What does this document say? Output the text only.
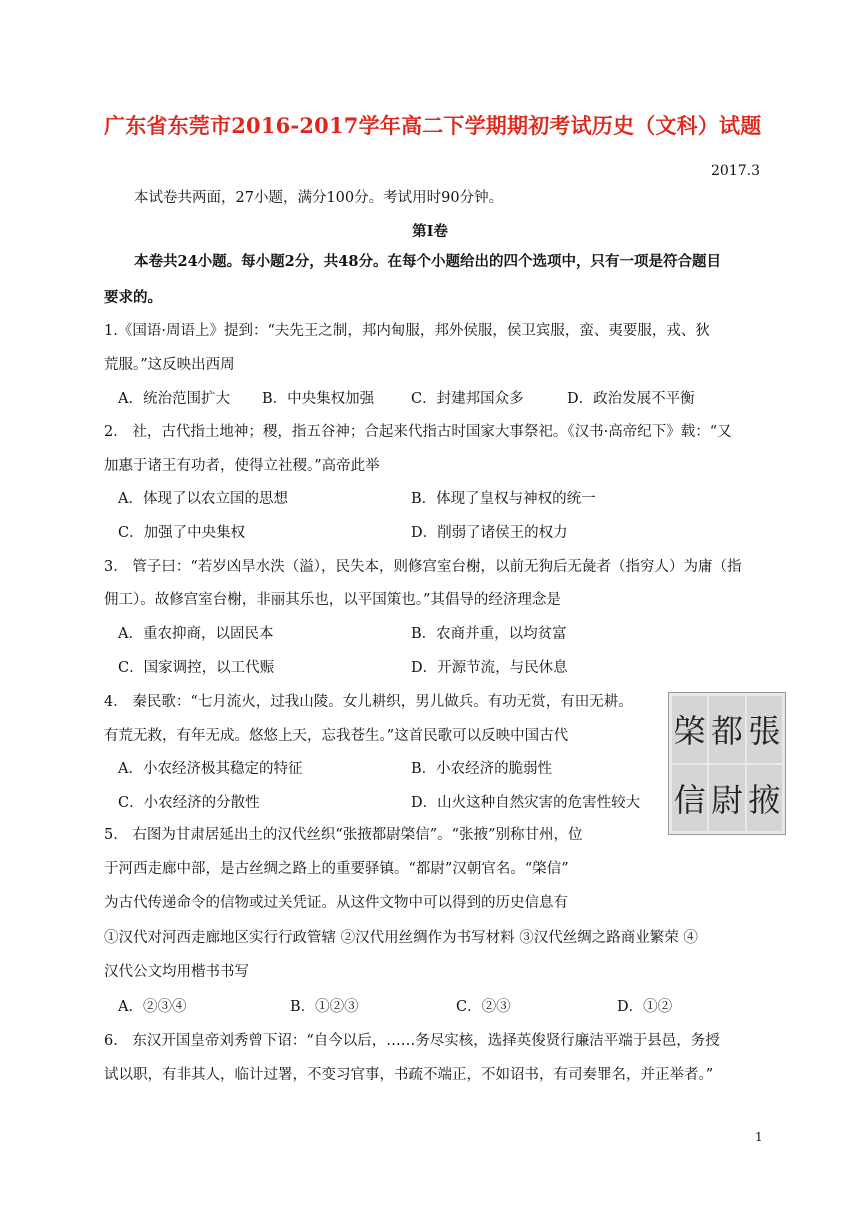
广东省东莞市2016-2017学年高二下学期期初考试历史（文科）试题
2017.3
本试卷共两面，27小题，满分100分。考试用时90分钟。
第Ⅰ卷
本卷共24小题。每小题2分，共48分。在每个小题给出的四个选项中，只有一项是符合题目
要求的。
1.《国语·周语上》提到：“夫先王之制，邦内甸服，邦外侯服，侯卫宾服，蛮、夷要服，戎、狄
荒服。”这反映出西周
A．统治范围扩大 B．中央集权加强	C．封建邦国众多	D．政治发展不平衡
2． 社，古代指土地神；稷，指五谷神；合起来代指古时国家大事祭祀。《汉书·高帝纪下》载：“又
加惠于诸王有功者，使得立社稷。”高帝此举
A．体现了以农立国的思想	B．体现了皇权与神权的统一
C．加强了中央集权	D．削弱了诸侯王的权力
3． 管子曰：“若岁凶旱水泆（溢），民失本，则修宫室台榭，以前无狗后无彘者（指穷人）为庸（指
佣工）。故修宫室台榭，非丽其乐也，以平国策也。”其倡导的经济理念是
A．重农抑商，以固民本	B．农商并重，以均贫富
C．国家调控，以工代赈	D．开源节流，与民休息
4． 秦民歌：“七月流火，过我山陵。女儿耕织，男儿做兵。有功无赏，有田无耕。
有荒无救，有年无成。悠悠上天，忘我苍生。”这首民歌可以反映中国古代
A．小农经济极其稳定的特征	B．小农经济的脆弱性
C．小农经济的分散性	D．山火这种自然灾害的危害性较大
棨 都 張
信 尉 掖
5． 右图为甘肃居延出土的汉代丝织“张掖都尉棨信”。“张掖”别称甘州，位
于河西走廊中部，是古丝绸之路上的重要驿镇。“都尉”汉朝官名。“棨信”
为古代传递命令的信物或过关凭证。从这件文物中可以得到的历史信息有
①汉代对河西走廊地区实行行政管辖 ②汉代用丝绸作为书写材料 ③汉代丝绸之路商业繁荣 ④
汉代公文均用楷书书写
A．②③④	B．①②③	C．②③	D．①②
6． 东汉开国皇帝刘秀曾下诏：“自今以后，……务尽实核，选择英俊贤行廉洁平端于县邑，务授
试以职，有非其人，临计过署，不变习官事，书疏不端正，不如诏书，有司奏罪名，并正举者。”
1
